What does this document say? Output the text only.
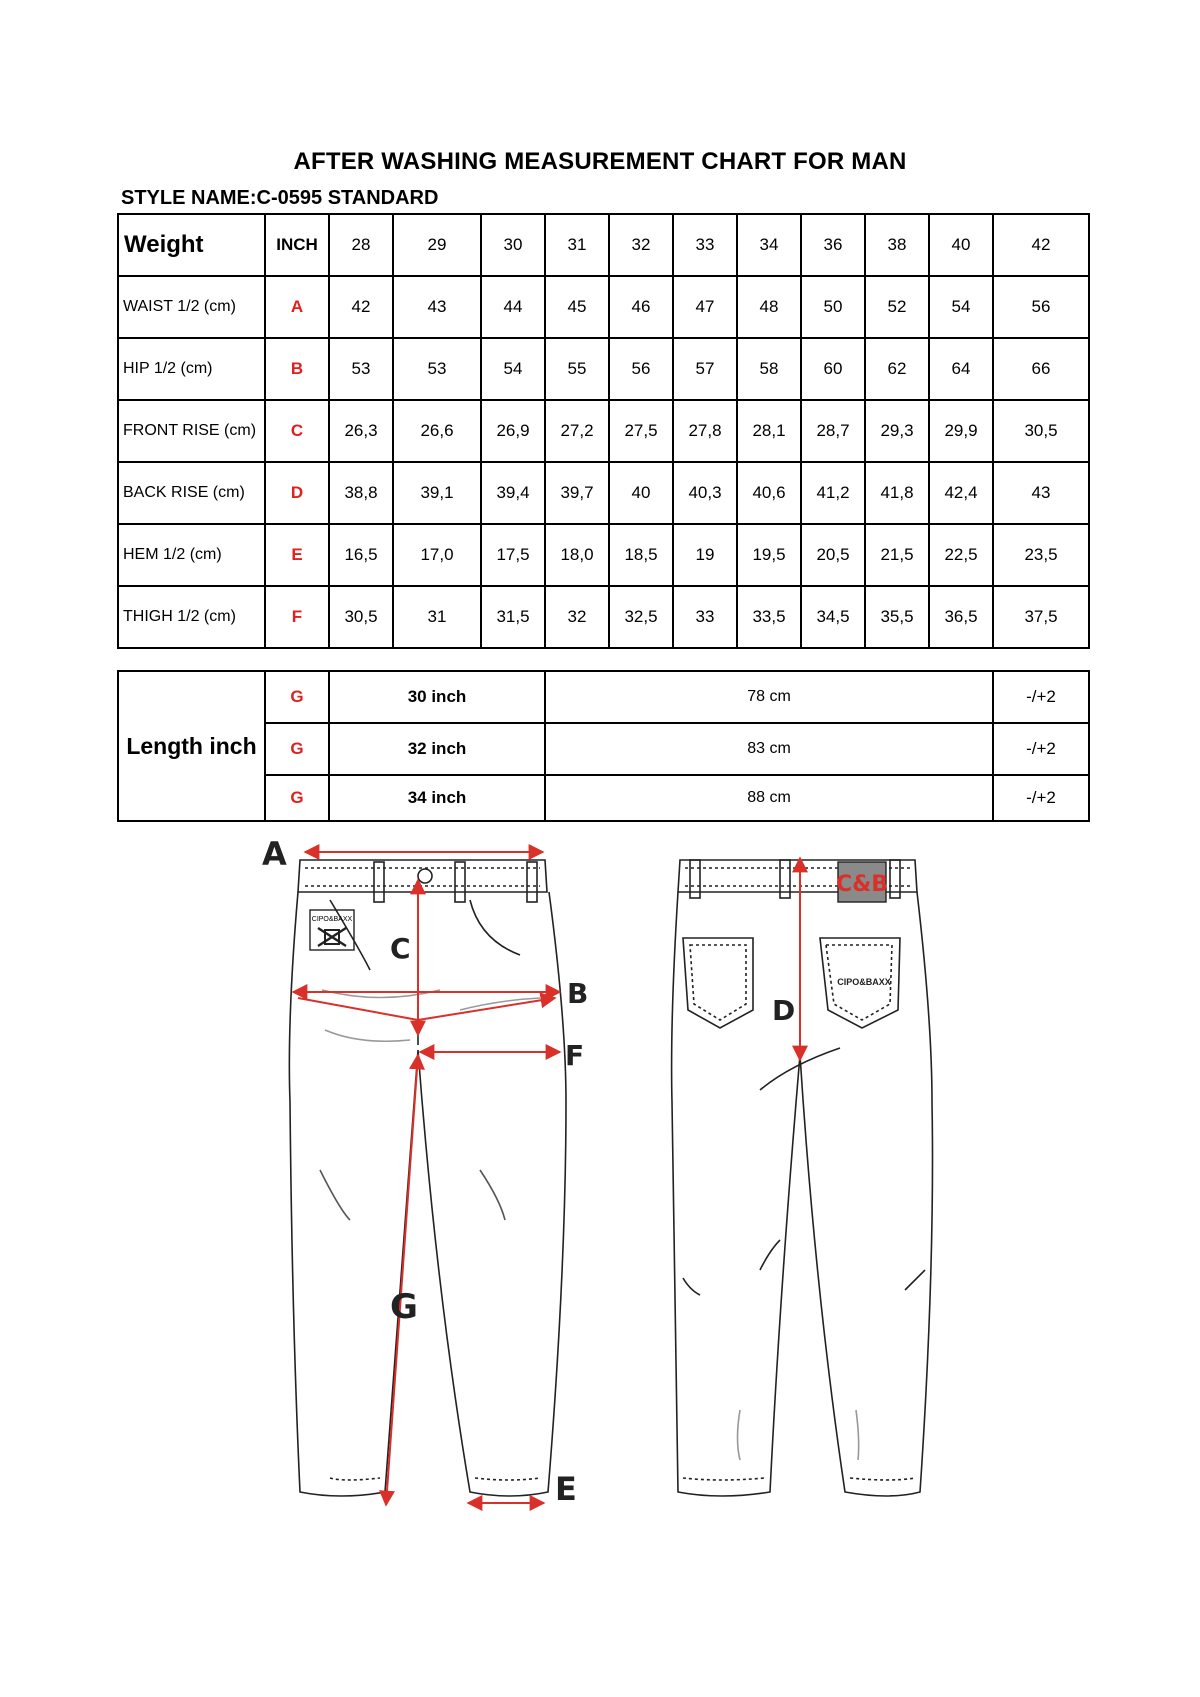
AFTER WASHING MEASUREMENT CHART FOR MAN
STYLE NAME:C-0595 STANDARD
Weight	INCH	28	29	30	31	32	33	34	36	38	40	42
WAIST 1/2 (cm)	A	42	43	44	45	46	47	48	50	52	54	56
HIP 1/2 (cm)	B	53	53	54	55	56	57	58	60	62	64	66
FRONT RISE (cm)	C	26,3	26,6	26,9	27,2	27,5	27,8	28,1	28,7	29,3	29,9	30,5
BACK RISE (cm)	D	38,8	39,1	39,4	39,7	40	40,3	40,6	41,2	41,8	42,4	43
HEM 1/2 (cm)	E	16,5	17,0	17,5	18,0	18,5	19	19,5	20,5	21,5	22,5	23,5
THIGH 1/2 (cm)	F	30,5	31	31,5	32	32,5	33	33,5	34,5	35,5	36,5	37,5
Length inch	G	30 inch	78 cm	-/+2
	G	32 inch	83 cm	-/+2
	G	34 inch	88 cm	-/+2
CIPO&BAXX
A
B
C
E
F
G
C&B
CIPO&BAXX
D
